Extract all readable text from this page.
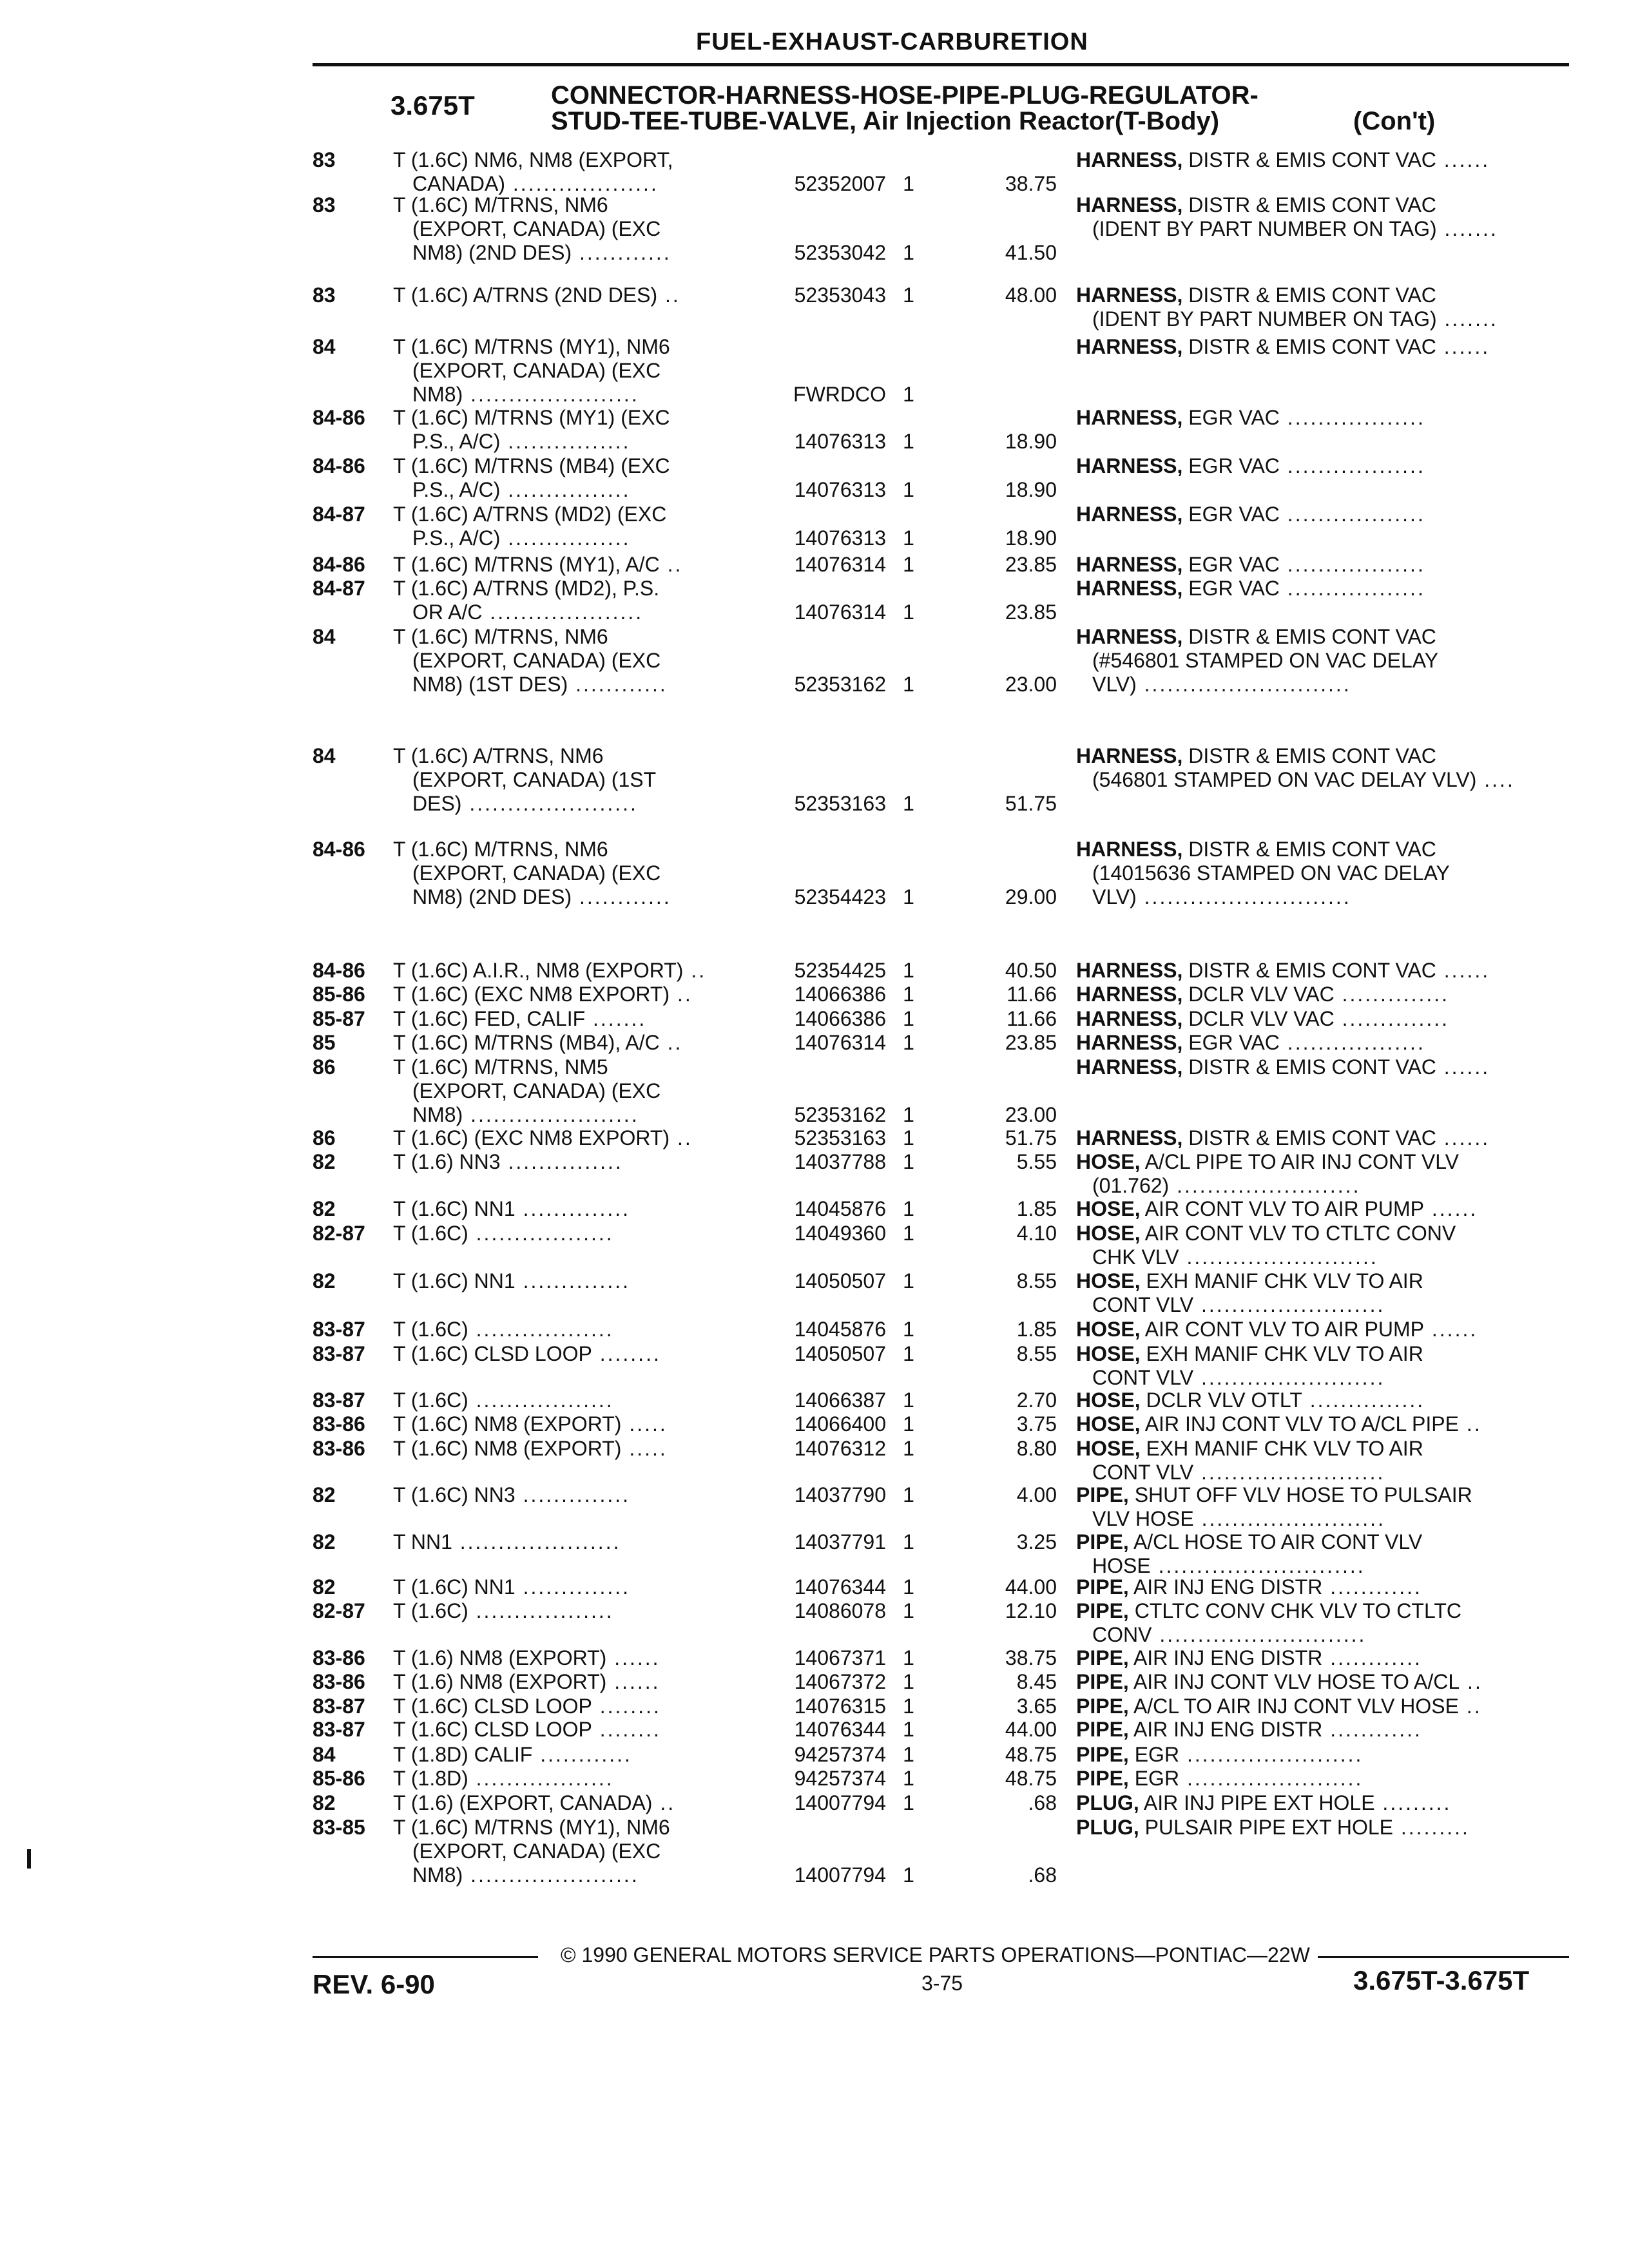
FUEL-EXHAUST-CARBURETION
3.675T	CONNECTOR-HARNESS-HOSE-PIPE-PLUG-REGULATOR-
STUD-TEE-TUBE-VALVE, Air Injection Reactor(T-Body)	(Con't)
83	T (1.6C) NM6, NM8 (EXPORT,	HARNESS, DISTR & EMIS CONT VAC ......
CANADA) ...................	52352007 1	38.75
83	T (1.6C) M/TRNS, NM6	HARNESS, DISTR & EMIS CONT VAC
(EXPORT, CANADA) (EXC	(IDENT BY PART NUMBER ON TAG) .......
NM8) (2ND DES) ............	52353042 1	41.50
83	T (1.6C) A/TRNS (2ND DES) ..	52353043 1	48.00 HARNESS, DISTR & EMIS CONT VAC
(IDENT BY PART NUMBER ON TAG) .......
84	T (1.6C) M/TRNS (MY1), NM6	HARNESS, DISTR & EMIS CONT VAC ......
(EXPORT, CANADA) (EXC
NM8) ......................	FWRDCO 1
84-86 T (1.6C) M/TRNS (MY1) (EXC	HARNESS, EGR VAC ..................
P.S., A/C) ................	14076313 1	18.90
84-86 T (1.6C) M/TRNS (MB4) (EXC	HARNESS, EGR VAC ..................
P.S., A/C) ................	14076313 1	18.90
84-87 T (1.6C) A/TRNS (MD2) (EXC	HARNESS, EGR VAC ..................
P.S., A/C) ................	14076313 1	18.90
84-86 T (1.6C) M/TRNS (MY1), A/C ..	14076314 1	23.85 HARNESS, EGR VAC ..................
84-87 T (1.6C) A/TRNS (MD2), P.S.	HARNESS, EGR VAC ..................
OR A/C ....................	14076314 1	23.85
84	T (1.6C) M/TRNS, NM6	HARNESS, DISTR & EMIS CONT VAC
(EXPORT, CANADA) (EXC	(#546801 STAMPED ON VAC DELAY
NM8) (1ST DES) ............	52353162 1	23.00 VLV) ...........................
84	T (1.6C) A/TRNS, NM6	HARNESS, DISTR & EMIS CONT VAC
(EXPORT, CANADA) (1ST	(546801 STAMPED ON VAC DELAY VLV) ....
DES) ......................	52353163 1	51.75
84-86 T (1.6C) M/TRNS, NM6	HARNESS, DISTR & EMIS CONT VAC
(EXPORT, CANADA) (EXC	(14015636 STAMPED ON VAC DELAY
NM8) (2ND DES) ............	52354423 1	29.00 VLV) ...........................
84-86 T (1.6C) A.I.R., NM8 (EXPORT) ..	52354425 1	40.50 HARNESS, DISTR & EMIS CONT VAC ......
85-86 T (1.6C) (EXC NM8 EXPORT) ..	14066386 1	11.66 HARNESS, DCLR VLV VAC ..............
85-87 T (1.6C) FED, CALIF .......	14066386 1	11.66 HARNESS, DCLR VLV VAC ..............
85	T (1.6C) M/TRNS (MB4), A/C ..	14076314 1	23.85 HARNESS, EGR VAC ..................
86	T (1.6C) M/TRNS, NM5	HARNESS, DISTR & EMIS CONT VAC ......
(EXPORT, CANADA) (EXC
NM8) ......................	52353162 1	23.00
86	T (1.6C) (EXC NM8 EXPORT) ..	52353163 1	51.75 HARNESS, DISTR & EMIS CONT VAC ......
82	T (1.6) NN3 ...............	14037788 1	5.55 HOSE, A/CL PIPE TO AIR INJ CONT VLV
(01.762) ........................
82	T (1.6C) NN1 ..............	14045876 1	1.85 HOSE, AIR CONT VLV TO AIR PUMP ......
82-87 T (1.6C) ..................	14049360 1	4.10 HOSE, AIR CONT VLV TO CTLTC CONV
CHK VLV .........................
82	T (1.6C) NN1 ..............	14050507 1	8.55 HOSE, EXH MANIF CHK VLV TO AIR
CONT VLV ........................
83-87 T (1.6C) ..................	14045876 1	1.85 HOSE, AIR CONT VLV TO AIR PUMP ......
83-87 T (1.6C) CLSD LOOP ........	14050507 1	8.55 HOSE, EXH MANIF CHK VLV TO AIR
CONT VLV ........................
83-87 T (1.6C) ..................	14066387 1	2.70 HOSE, DCLR VLV OTLT ...............
83-86 T (1.6C) NM8 (EXPORT) .....	14066400 1	3.75 HOSE, AIR INJ CONT VLV TO A/CL PIPE ..
83-86 T (1.6C) NM8 (EXPORT) .....	14076312 1	8.80 HOSE, EXH MANIF CHK VLV TO AIR
CONT VLV ........................
82	T (1.6C) NN3 ..............	14037790 1	4.00 PIPE, SHUT OFF VLV HOSE TO PULSAIR
VLV HOSE ........................
82	T NN1 .....................	14037791 1	3.25 PIPE, A/CL HOSE TO AIR CONT VLV
HOSE ...........................
82	T (1.6C) NN1 ..............	14076344 1	44.00 PIPE, AIR INJ ENG DISTR ............
82-87 T (1.6C) ..................	14086078 1	12.10 PIPE, CTLTC CONV CHK VLV TO CTLTC
CONV ...........................
83-86 T (1.6) NM8 (EXPORT) ......	14067371 1	38.75 PIPE, AIR INJ ENG DISTR ............
83-86 T (1.6) NM8 (EXPORT) ......	14067372 1	8.45 PIPE, AIR INJ CONT VLV HOSE TO A/CL ..
83-87 T (1.6C) CLSD LOOP ........	14076315 1	3.65 PIPE, A/CL TO AIR INJ CONT VLV HOSE ..
83-87 T (1.6C) CLSD LOOP ........	14076344 1	44.00 PIPE, AIR INJ ENG DISTR ............
84	T (1.8D) CALIF ............	94257374 1	48.75 PIPE, EGR .......................
85-86 T (1.8D) ..................	94257374 1	48.75 PIPE, EGR .......................
82	T (1.6) (EXPORT, CANADA) ..	14007794 1	.68 PLUG, AIR INJ PIPE EXT HOLE .........
83-85 T (1.6C) M/TRNS (MY1), NM6	PLUG, PULSAIR PIPE EXT HOLE .........
(EXPORT, CANADA) (EXC
NM8) ......................	14007794 1	.68
© 1990 GENERAL MOTORS SERVICE PARTS OPERATIONS—PONTIAC—22W
REV. 6-90	3-75	3.675T-3.675T
